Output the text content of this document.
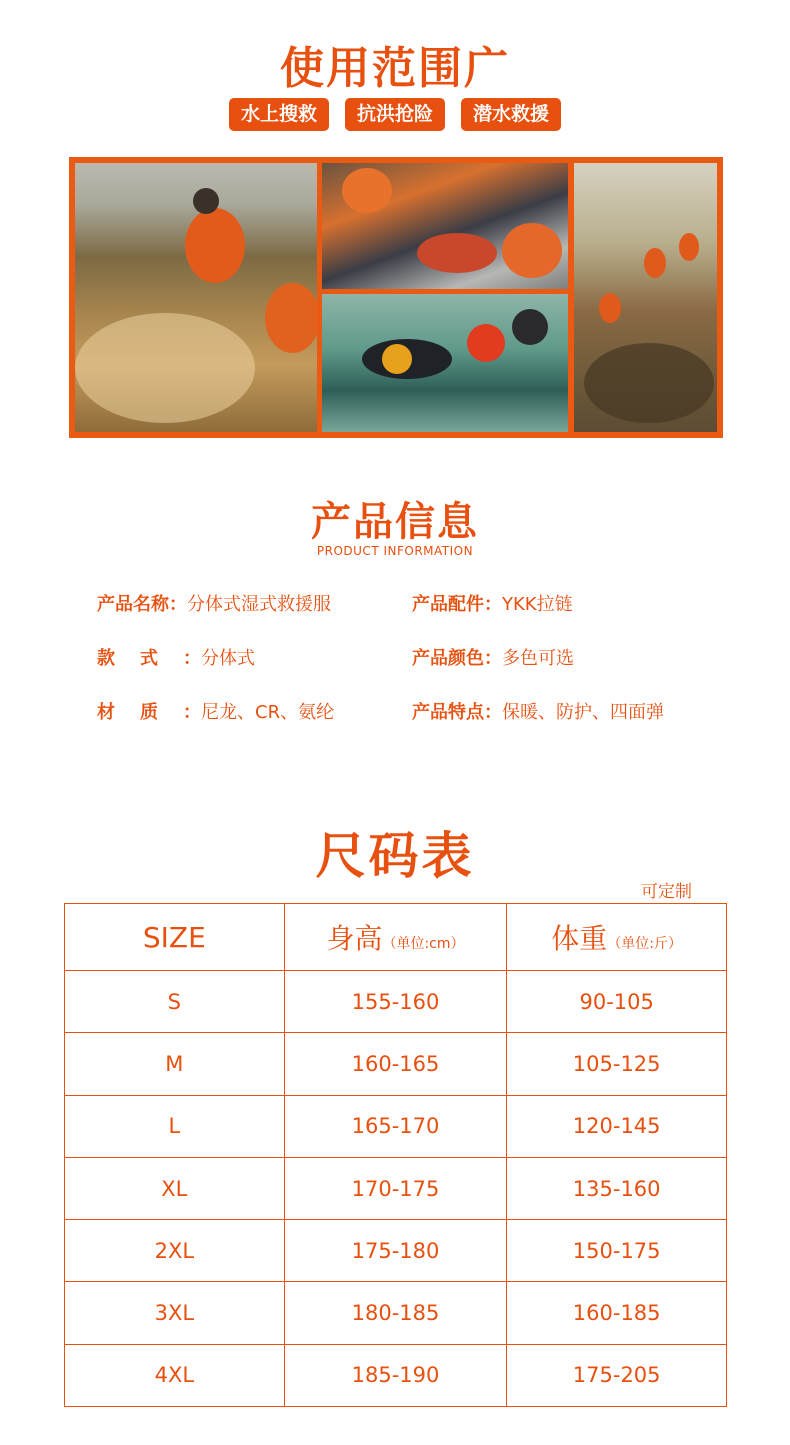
使用范围广
水上搜救	抗洪抢险	潜水救援
产品信息
PRODUCT INFORMATION
产品名称：分体式湿式救援服
款式：分体式
材质：尼龙、CR、氨纶
产品配件：YKK拉链
产品颜色：多色可选
产品特点：保暖、防护、四面弹
尺码表
可定制
SIZE	身高（单位:cm）	体重（单位:斤）
S	155-160	90-105
M	160-165	105-125
L	165-170	120-145
XL	170-175	135-160
2XL	175-180	150-175
3XL	180-185	160-185
4XL	185-190	175-205
